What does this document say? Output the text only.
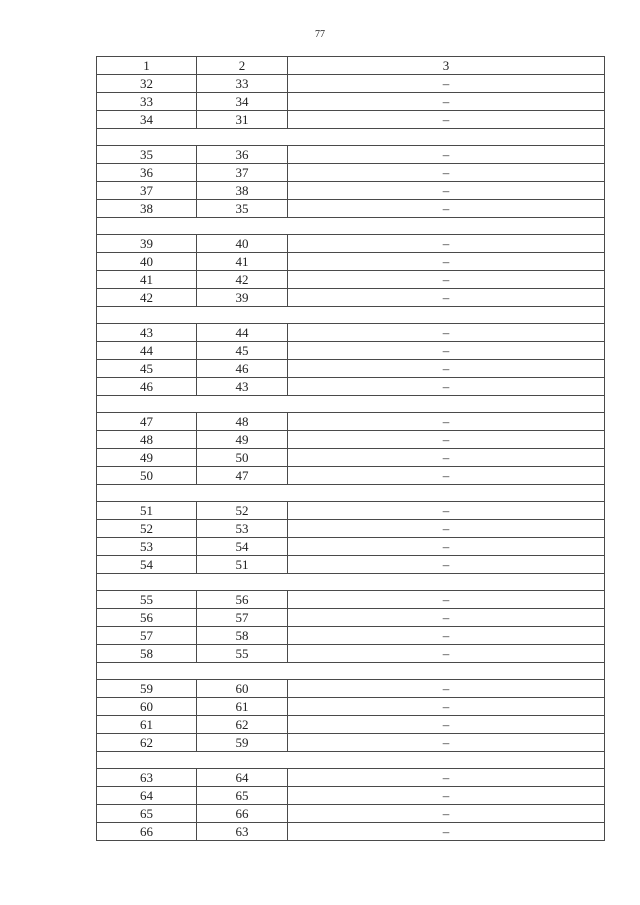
77
1	2	3
32	33	–
33	34	–
34	31	–

35	36	–
36	37	–
37	38	–
38	35	–

39	40	–
40	41	–
41	42	–
42	39	–

43	44	–
44	45	–
45	46	–
46	43	–

47	48	–
48	49	–
49	50	–
50	47	–

51	52	–
52	53	–
53	54	–
54	51	–

55	56	–
56	57	–
57	58	–
58	55	–

59	60	–
60	61	–
61	62	–
62	59	–

63	64	–
64	65	–
65	66	–
66	63	–
